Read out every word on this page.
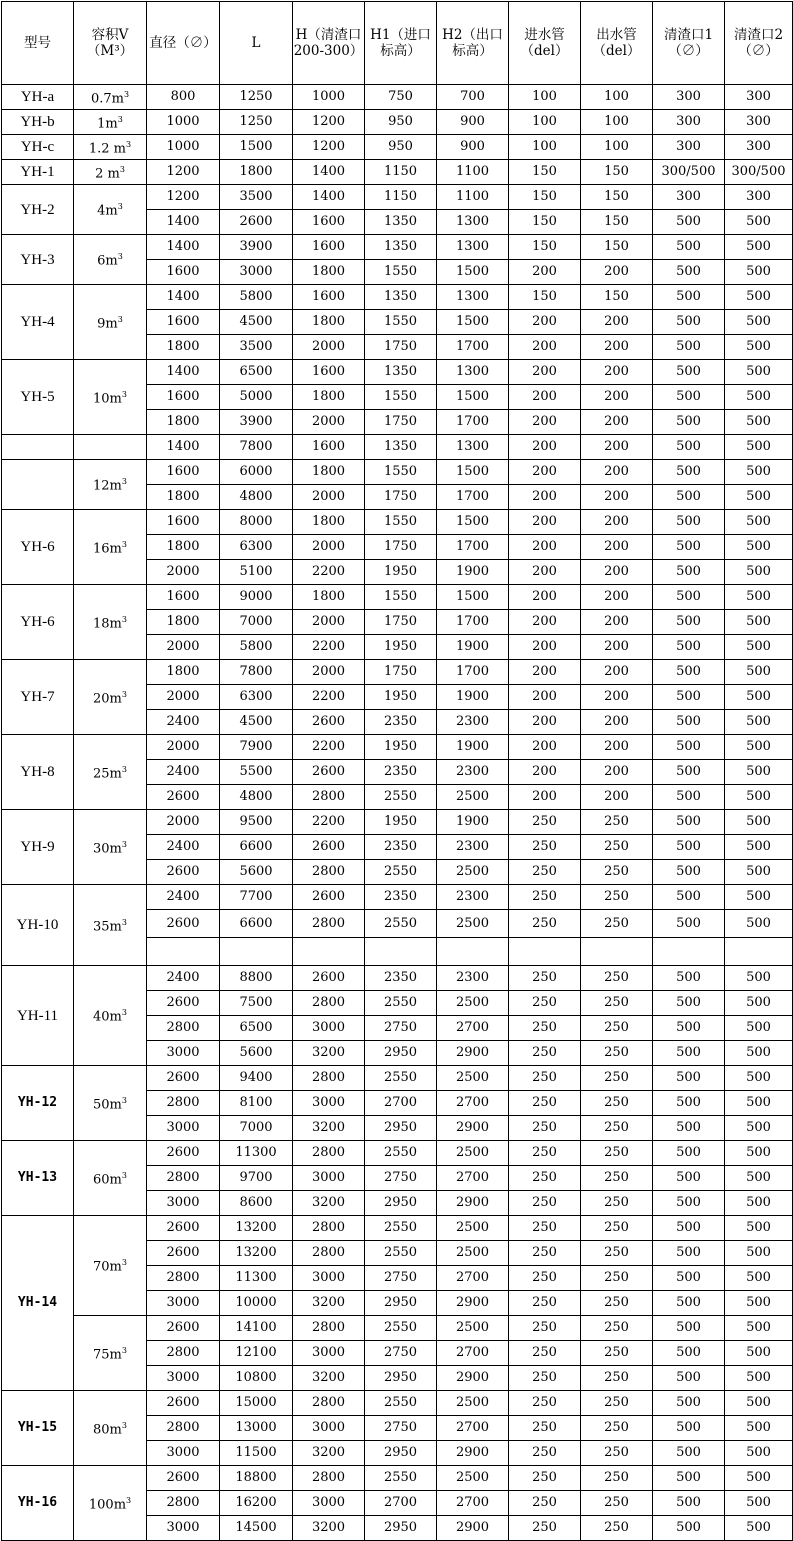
型号	容积V（M³）	直径（∅）	L	H（清渣口200-300）	H1（进口标高）	H2（出口标高）	进水管（del）	出水管（del）	清渣口1（∅）	清渣口2（∅）
YH-a	$0.7m^3$	800	1250	1000	750	700	100	100	300	300
YH-b	$1m^3$	1000	1250	1200	950	900	100	100	300	300
YH-c	1.2 $m^3$	1000	1500	1200	950	900	100	100	300	300
YH-1	2 $m^3$	1200	1800	1400	1150	1100	150	150	300/500	300/500
YH-2	$4m^3$	1200	3500	1400	1150	1100	150	150	300	300
		1400	2600	1600	1350	1300	150	150	500	500
YH-3	$6m^3$	1400	3900	1600	1350	1300	150	150	500	500
		1600	3000	1800	1550	1500	200	200	500	500
YH-4	$9m^3$	1400	5800	1600	1350	1300	150	150	500	500
		1600	4500	1800	1550	1500	200	200	500	500
		1800	3500	2000	1750	1700	200	200	500	500
YH-5	$10m^3$	1400	6500	1600	1350	1300	200	200	500	500
		1600	5000	1800	1550	1500	200	200	500	500
		1800	3900	2000	1750	1700	200	200	500	500
		1400	7800	1600	1350	1300	200	200	500	500
	$12m^3$	1600	6000	1800	1550	1500	200	200	500	500
		1800	4800	2000	1750	1700	200	200	500	500
YH-6	$16m^3$	1600	8000	1800	1550	1500	200	200	500	500
		1800	6300	2000	1750	1700	200	200	500	500
		2000	5100	2200	1950	1900	200	200	500	500
YH-6	$18m^3$	1600	9000	1800	1550	1500	200	200	500	500
		1800	7000	2000	1750	1700	200	200	500	500
		2000	5800	2200	1950	1900	200	200	500	500
YH-7	$20m^3$	1800	7800	2000	1750	1700	200	200	500	500
		2000	6300	2200	1950	1900	200	200	500	500
		2400	4500	2600	2350	2300	200	200	500	500
YH-8	$25m^3$	2000	7900	2200	1950	1900	200	200	500	500
		2400	5500	2600	2350	2300	200	200	500	500
		2600	4800	2800	2550	2500	200	200	500	500
YH-9	$30m^3$	2000	9500	2200	1950	1900	250	250	500	500
		2400	6600	2600	2350	2300	250	250	500	500
		2600	5600	2800	2550	2500	250	250	500	500
YH-10	$35m^3$	2400	7700	2600	2350	2300	250	250	500	500
		2600	6600	2800	2550	2500	250	250	500	500

YH-11	$40m^3$	2400	8800	2600	2350	2300	250	250	500	500
		2600	7500	2800	2550	2500	250	250	500	500
		2800	6500	3000	2750	2700	250	250	500	500
		3000	5600	3200	2950	2900	250	250	500	500
YH-12	$50m^3$	2600	9400	2800	2550	2500	250	250	500	500
		2800	8100	3000	2700	2700	250	250	500	500
		3000	7000	3200	2950	2900	250	250	500	500
YH-13	$60m^3$	2600	11300	2800	2550	2500	250	250	500	500
		2800	9700	3000	2750	2700	250	250	500	500
		3000	8600	3200	2950	2900	250	250	500	500
YH-14	$70m^3$	2600	13200	2800	2550	2500	250	250	500	500
		2600	13200	2800	2550	2500	250	250	500	500
		2800	11300	3000	2750	2700	250	250	500	500
		3000	10000	3200	2950	2900	250	250	500	500
	$75m^3$	2600	14100	2800	2550	2500	250	250	500	500
		2800	12100	3000	2750	2700	250	250	500	500
		3000	10800	3200	2950	2900	250	250	500	500
YH-15	$80m^3$	2600	15000	2800	2550	2500	250	250	500	500
		2800	13000	3000	2750	2700	250	250	500	500
		3000	11500	3200	2950	2900	250	250	500	500
YH-16	$100m^3$	2600	18800	2800	2550	2500	250	250	500	500
		2800	16200	3000	2700	2700	250	250	500	500
		3000	14500	3200	2950	2900	250	250	500	500
